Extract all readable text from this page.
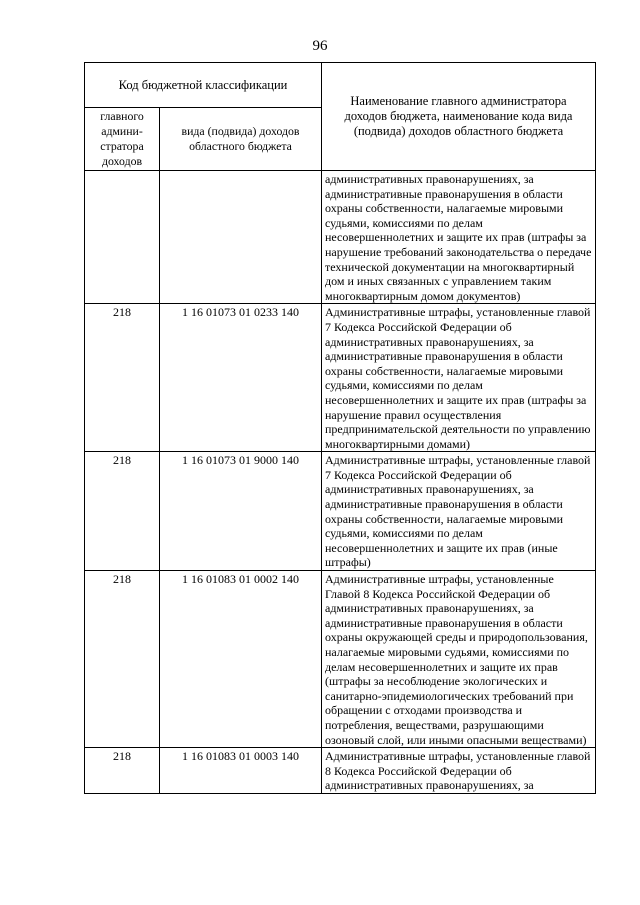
96
Код бюджетной классификации		Наименование главного администратора доходов бюджета, наименование кода вида (подвида) доходов областного бюджета
главного админи-стратора доходов	вида (подвида) доходов областного бюджета	
		административных правонарушениях, за административные правонарушения в области охраны собственности, налагаемые мировыми судьями, комиссиями по делам несовершеннолетних и защите их прав (штрафы за нарушение требований законодательства о передаче технической документации на многоквартирный дом и иных связанных с управлением таким многоквартирным домом документов)
218	1 16 01073 01 0233 140	Административные штрафы, установленные главой 7 Кодекса Российской Федерации об административных правонарушениях, за административные правонарушения в области охраны собственности, налагаемые мировыми судьями, комиссиями по делам несовершеннолетних и защите их прав (штрафы за нарушение правил осуществления предпринимательской деятельности по управлению многоквартирными домами)
218	1 16 01073 01 9000 140	Административные штрафы, установленные главой 7 Кодекса Российской Федерации об административных правонарушениях, за административные правонарушения в области охраны собственности, налагаемые мировыми судьями, комиссиями по делам несовершеннолетних и защите их прав (иные штрафы)
218	1 16 01083 01 0002 140	Административные штрафы, установленные Главой 8 Кодекса Российской Федерации об административных правонарушениях, за административные правонарушения в области охраны окружающей среды и природопользования, налагаемые мировыми судьями, комиссиями по делам несовершеннолетних и защите их прав (штрафы за несоблюдение экологических и санитарно-эпидемиологических требований при обращении с отходами производства и потребления, веществами, разрушающими озоновый слой, или иными опасными веществами)
218	1 16 01083 01 0003 140	Административные штрафы, установленные главой 8 Кодекса Российской Федерации об административных правонарушениях, за
